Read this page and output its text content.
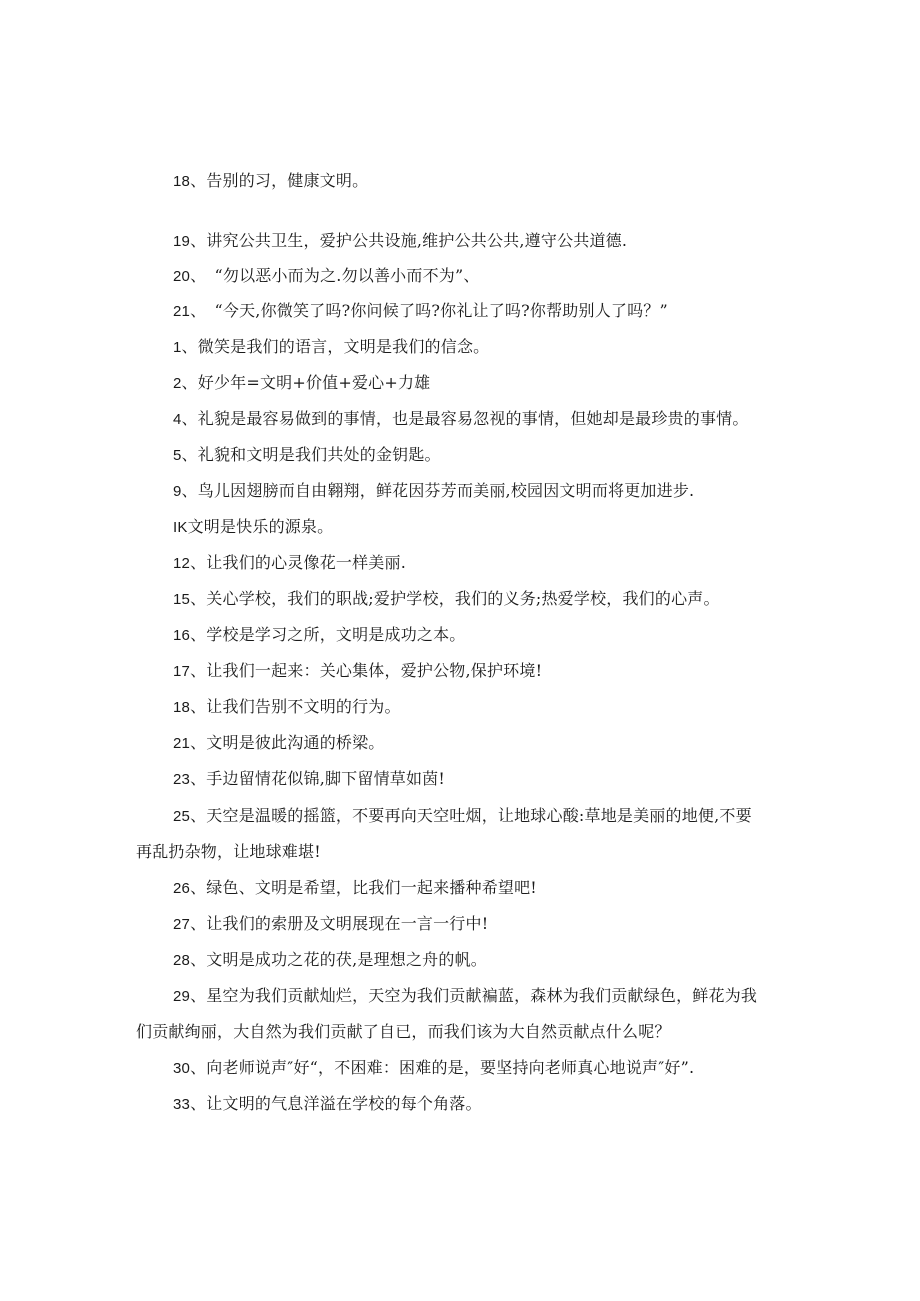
18、告别的习，健康文明。

19、讲究公共卫生，爱护公共设施,维护公共公共,遵守公共道德.

20、　“勿以恶小而为之.勿以善小而不为”、

21、　“今天,你微笑了吗?你问候了吗?你礼让了吗?你帮助别人了吗？”

1、微笑是我们的语言，文明是我们的信念。

2、好少年=文明+价值+爱心+力雄

4、礼貌是最容易做到的事情，也是最容易忽视的事情，但她却是最珍贵的事情。

5、礼貌和文明是我们共处的金钥匙。

9、鸟儿因翅膀而自由翱翔，鲜花因芬芳而美丽,校园因文明而将更加进步.

IK文明是快乐的源泉。

12、让我们的心灵像花一样美丽.

15、关心学校，我们的职战;爱护学校，我们的义务;热爱学校，我们的心声。

16、学校是学习之所，文明是成功之本。

17、让我们一起来：关心集体，爱护公物,保护环境!

18、让我们告别不文明的行为。

21、文明是彼此沟通的桥梁。

23、手边留情花似锦,脚下留情草如茵!

25、天空是温暖的摇篮，不要再向天空吐烟，让地球心酸:草地是美丽的地便,不要

再乱扔杂物，让地球难堪!

26、绿色、文明是希望，比我们一起来播种希望吧!

27、让我们的索册及文明展现在一言一行中!

28、文明是成功之花的茯,是理想之舟的帆。

29、星空为我们贡献灿烂，天空为我们贡献褊蓝，森林为我们贡献绿色，鲜花为我

们贡献绚丽，大自然为我们贡献了自已，而我们该为大自然贡献点什么呢？

30、向老师说声″好“，不困难：困难的是，要坚持向老师真心地说声″好”.

33、让文明的气息洋溢在学校的每个角落。
